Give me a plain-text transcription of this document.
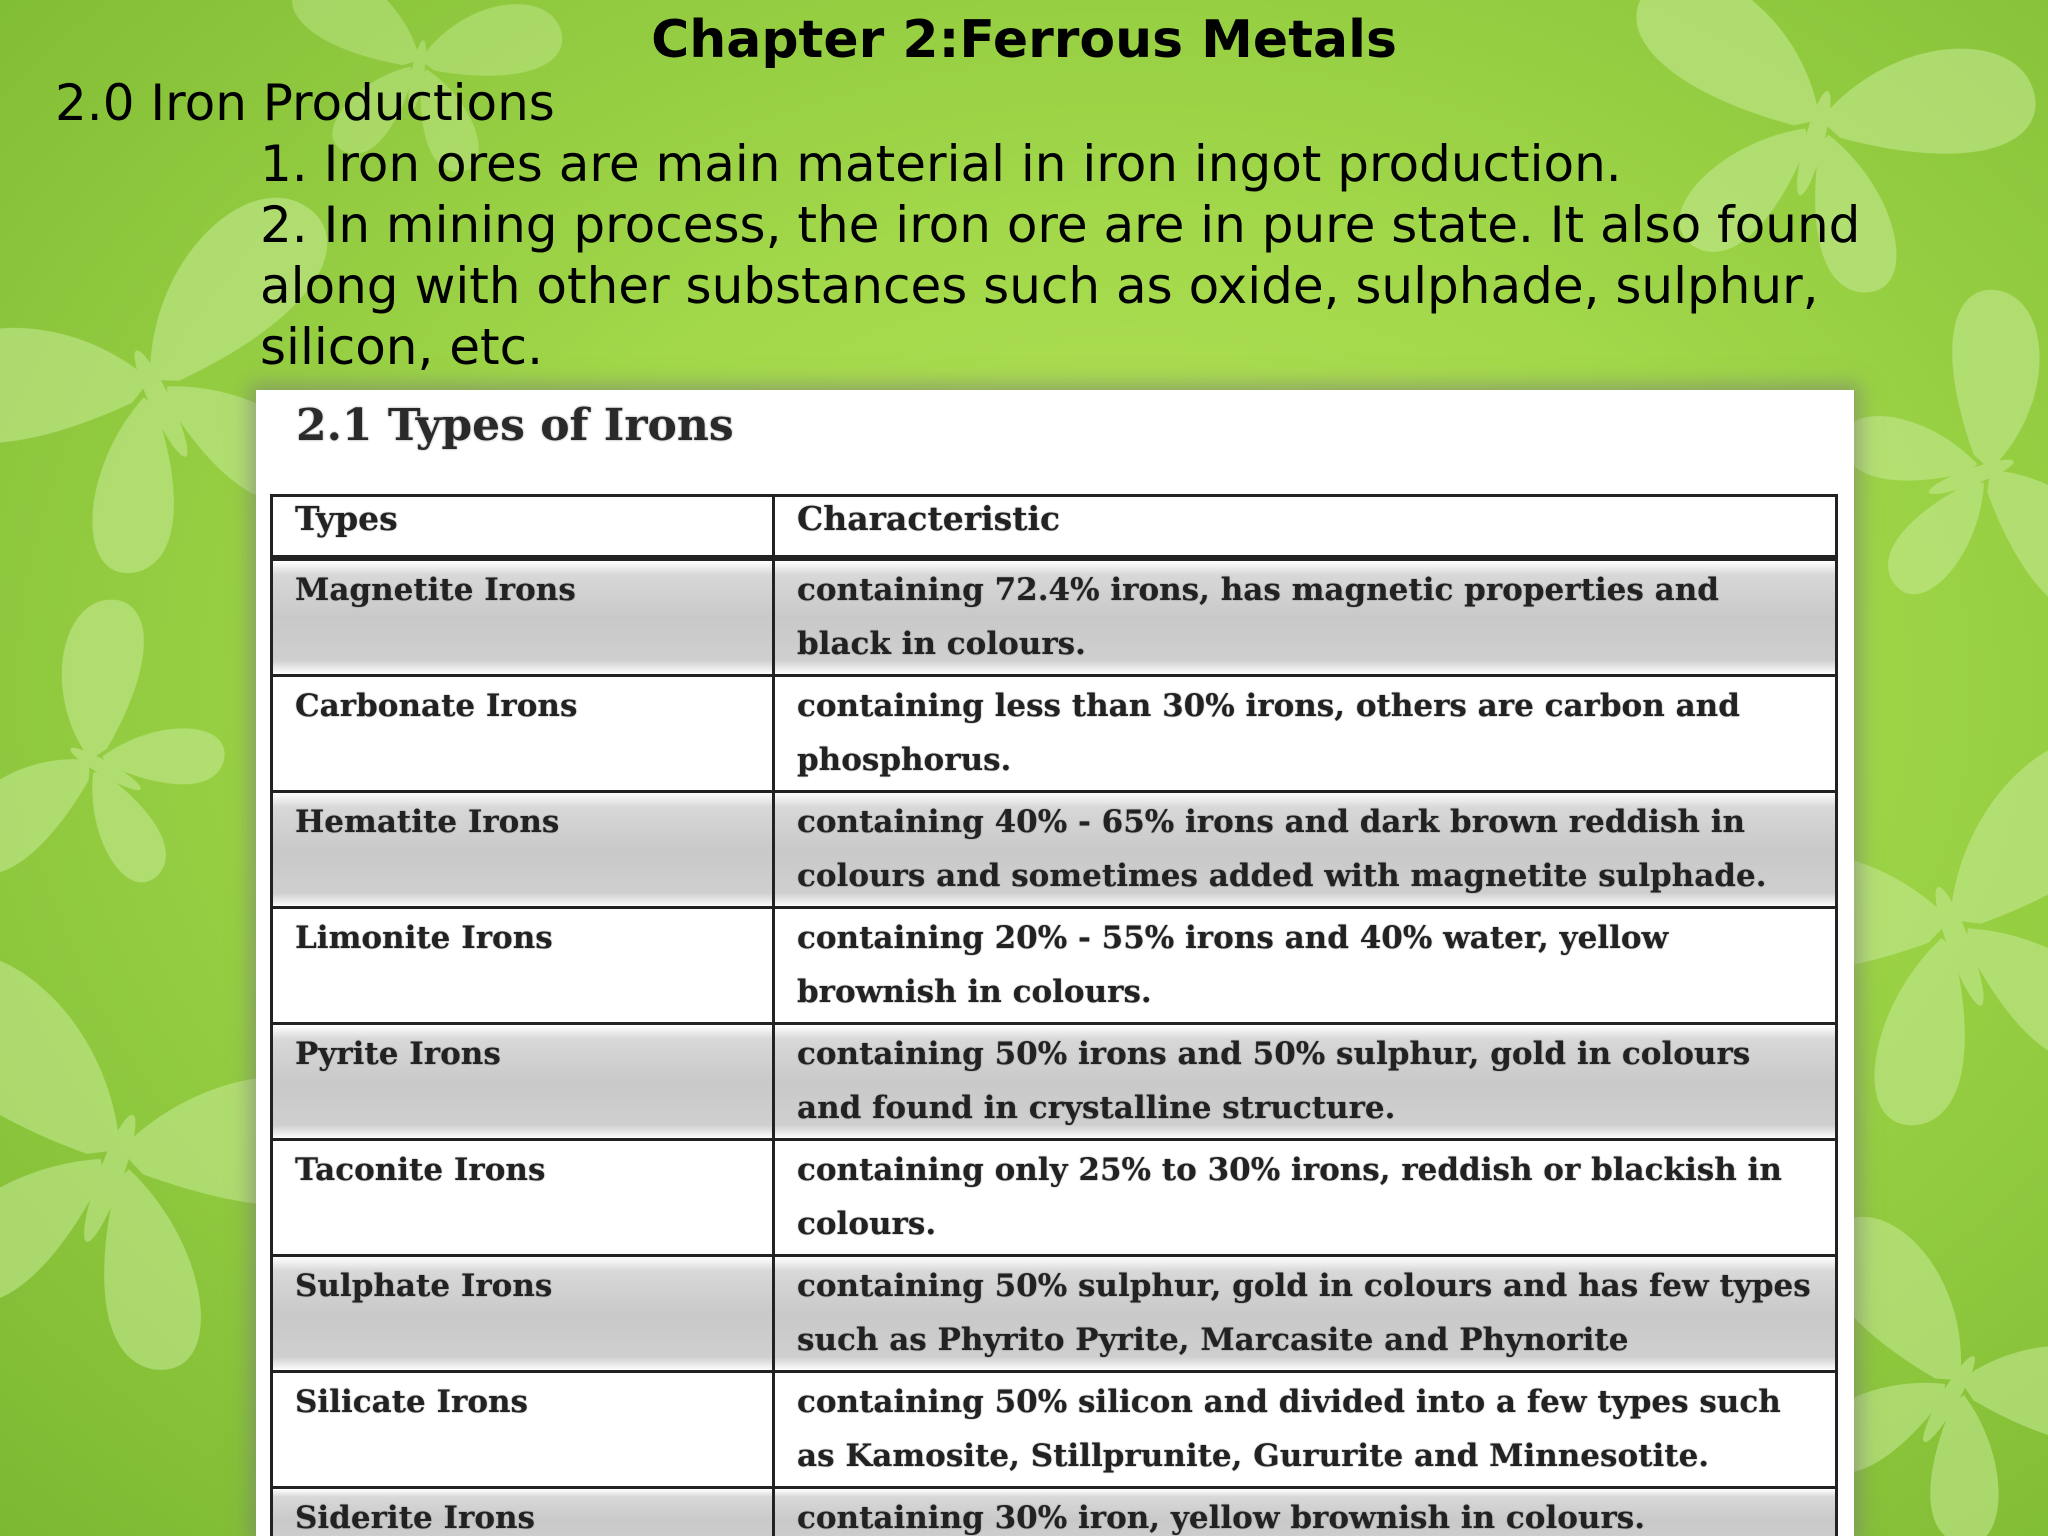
Chapter 2:Ferrous Metals
2.0 Iron Productions
1. Iron ores are main material in iron ingot production.
2. In mining process, the iron ore are in pure state. It also found along with other substances such as oxide, sulphade, sulphur, silicon, etc.
2.1 Types of Irons
Types	Characteristic
Magnetite Irons	containing 72.4% irons, has magnetic properties and black in colours.
Carbonate Irons	containing less than 30% irons, others are carbon and phosphorus.
Hematite Irons	containing 40% - 65% irons and dark brown reddish in colours and sometimes added with magnetite sulphade.
Limonite Irons	containing 20% - 55% irons and 40% water, yellow brownish in colours.
Pyrite Irons	containing 50% irons and 50% sulphur, gold in colours and found in crystalline structure.
Taconite Irons	containing only 25% to 30% irons, reddish or blackish in colours.
Sulphate Irons	containing 50% sulphur, gold in colours and has few types such as Phyrito Pyrite, Marcasite and Phynorite
Silicate Irons	containing 50% silicon and divided into a few types such as Kamosite, Stillprunite, Gururite and Minnesotite.
Siderite Irons	containing 30% iron, yellow brownish in colours.
